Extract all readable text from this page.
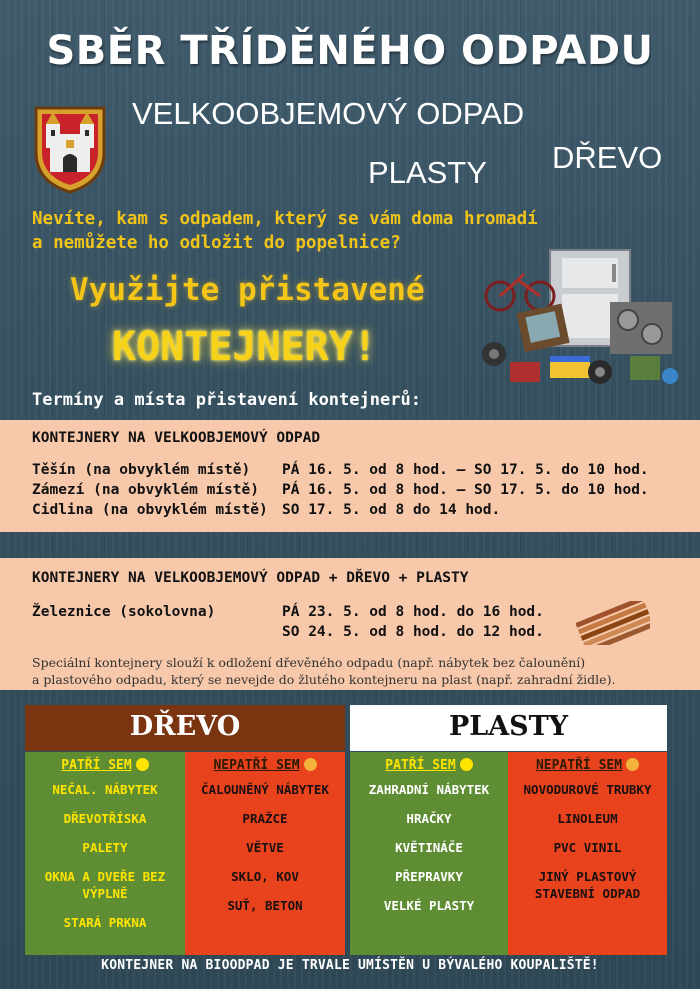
SBĚR TŘÍDĚNÉHO ODPADU
VELKOOBJEMOVÝ ODPAD
DŘEVO
PLASTY
Nevíte, kam s odpadem, který se vám doma hromadí
a nemůžete ho odložit do popelnice?
Využijte přistavené
KONTEJNERY!
Termíny a místa přistavení kontejnerů:
KONTEJNERY NA VELKOOBJEMOVÝ ODPAD
Těšín (na obvyklém místě) PÁ 16. 5. od 8 hod. – SO 17. 5. do 10 hod.
Zámezí (na obvyklém místě) PÁ 16. 5. od 8 hod. – SO 17. 5. do 10 hod.
Cidlina (na obvyklém místě) SO 17. 5. od 8 do 14 hod.
KONTEJNERY NA VELKOOBJEMOVÝ ODPAD + DŘEVO + PLASTY
Železnice (sokolovna)	PÁ 23. 5. od 8 hod. do 16 hod.
SO 24. 5. od 8 hod. do 12 hod.
Speciální kontejnery slouží k odložení dřevěného odpadu (např. nábytek bez čalounění)
a plastového odpadu, který se nevejde do žlutého kontejneru na plast (např. zahradní židle).
DŘEVO	PLASTY
PATŘÍ SEM
NEČAL. NÁBYTEK
DŘEVOTŘÍSKA
PALETY
OKNA A DVEŘE BEZ VÝPLNĚ
STARÁ PRKNA
NEPATŘÍ SEM
ČALOUNĚNÝ NÁBYTEK
PRAŽCE
VĚTVE
SKLO, KOV
SUŤ, BETON
PATŘÍ SEM
ZAHRADNÍ NÁBYTEK
HRAČKY
KVĚTINÁČE
PŘEPRAVKY
VELKÉ PLASTY
NEPATŘÍ SEM
NOVODUROVÉ TRUBKY
LINOLEUM
PVC VINIL
JINÝ PLASTOVÝ STAVEBNÍ ODPAD
KONTEJNER NA BIOODPAD JE TRVALE UMÍSTĚN U BÝVALÉHO KOUPALIŠTĚ!
